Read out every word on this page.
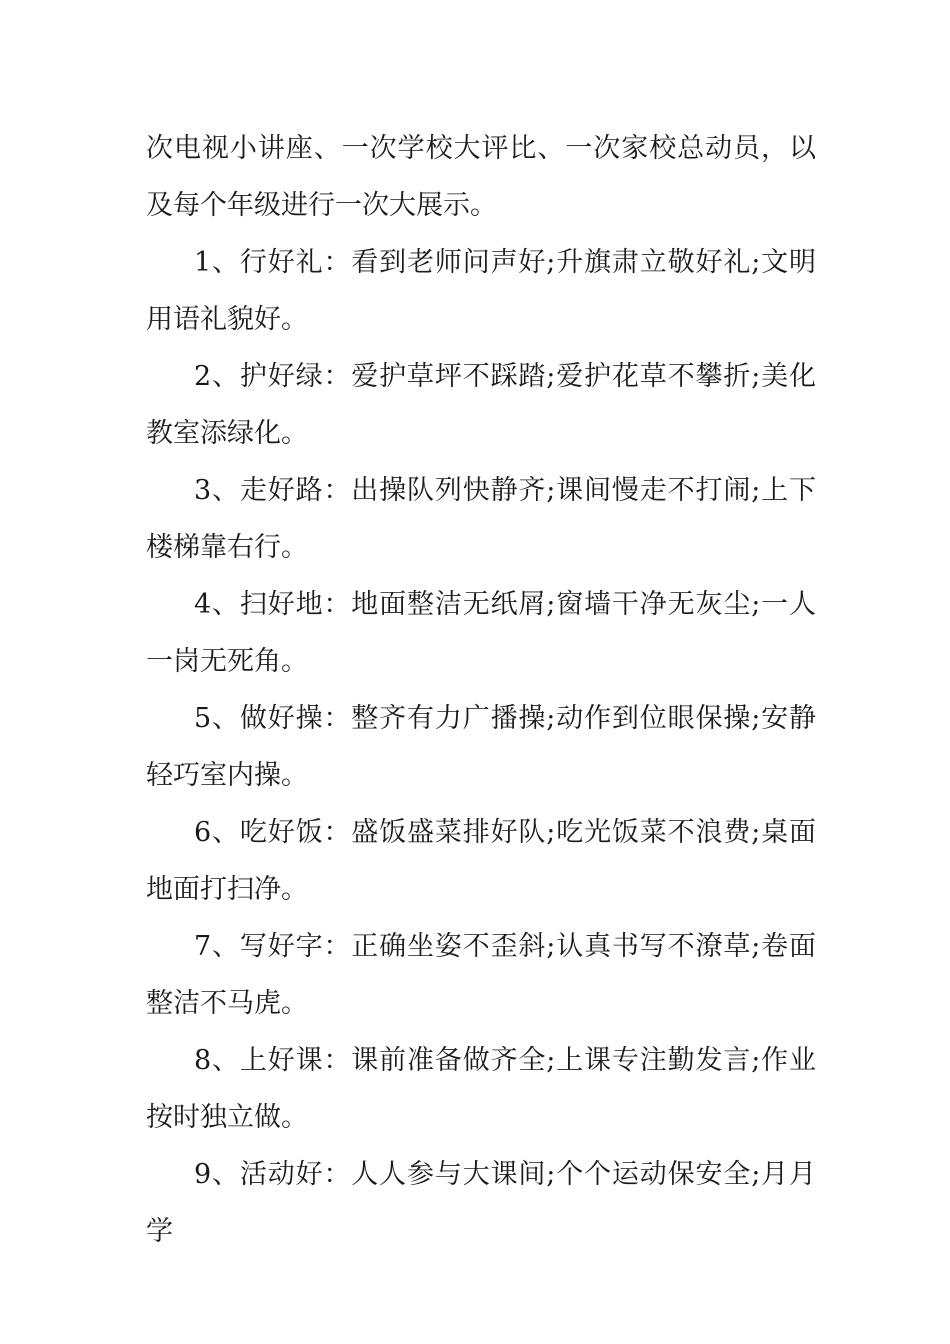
次电视小讲座、一次学校大评比、一次家校总动员，以及每个年级进行一次大展示。

1、行好礼：看到老师问声好;升旗肃立敬好礼;文明用语礼貌好。

2、护好绿：爱护草坪不踩踏;爱护花草不攀折;美化教室添绿化。

3、走好路：出操队列快静齐;课间慢走不打闹;上下楼梯靠右行。

4、扫好地：地面整洁无纸屑;窗墙干净无灰尘;一人一岗无死角。

5、做好操：整齐有力广播操;动作到位眼保操;安静轻巧室内操。

6、吃好饭：盛饭盛菜排好队;吃光饭菜不浪费;桌面地面打扫净。

7、写好字：正确坐姿不歪斜;认真书写不潦草;卷面整洁不马虎。

8、上好课：课前准备做齐全;上课专注勤发言;作业按时独立做。

9、活动好：人人参与大课间;个个运动保安全;月月学
